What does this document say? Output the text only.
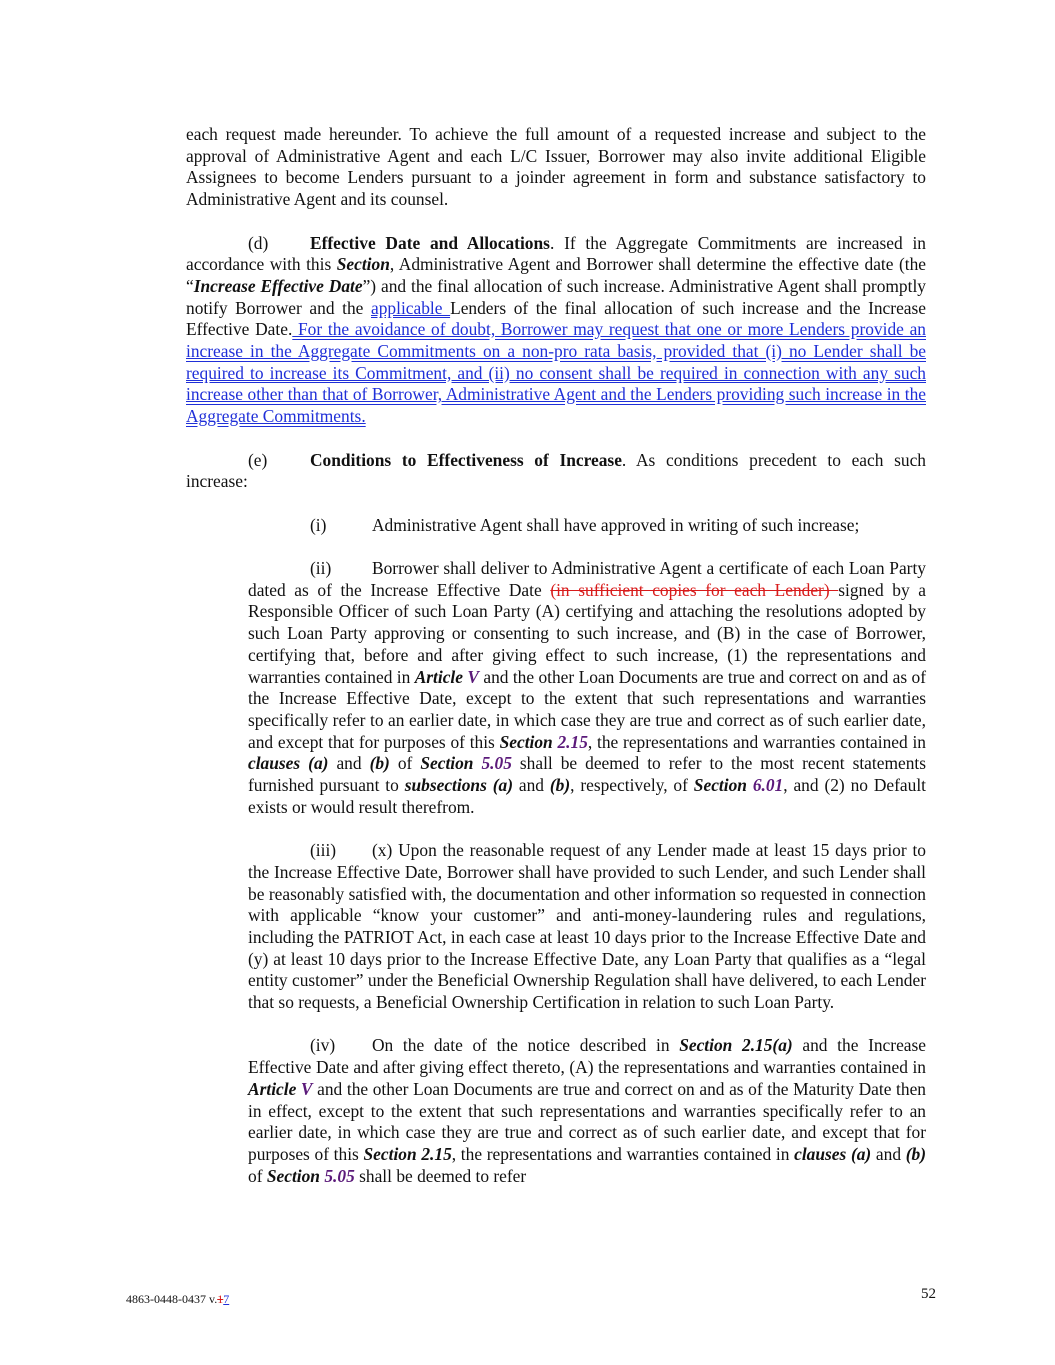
each request made hereunder. To achieve the full amount of a requested increase and subject to the approval of Administrative Agent and each L/C Issuer, Borrower may also invite additional Eligible Assignees to become Lenders pursuant to a joinder agreement in form and substance satisfactory to Administrative Agent and its counsel.

(d) Effective Date and Allocations. If the Aggregate Commitments are increased in accordance with this Section, Administrative Agent and Borrower shall determine the effective date (the “Increase Effective Date”) and the final allocation of such increase. Administrative Agent shall promptly notify Borrower and the applicable Lenders of the final allocation of such increase and the Increase Effective Date. For the avoidance of doubt, Borrower may request that one or more Lenders provide an increase in the Aggregate Commitments on a non-pro rata basis, provided that (i) no Lender shall be required to increase its Commitment, and (ii) no consent shall be required in connection with any such increase other than that of Borrower, Administrative Agent and the Lenders providing such increase in the Aggregate Commitments.

(e) Conditions to Effectiveness of Increase. As conditions precedent to each such increase:

(i)	Administrative Agent shall have approved in writing of such increase;

(ii) Borrower shall deliver to Administrative Agent a certificate of each Loan Party dated as of the Increase Effective Date (in sufficient copies for each Lender) signed by a Responsible Officer of such Loan Party (A) certifying and attaching the resolutions adopted by such Loan Party approving or consenting to such increase, and (B) in the case of Borrower, certifying that, before and after giving effect to such increase, (1) the representations and warranties contained in Article V and the other Loan Documents are true and correct on and as of the Increase Effective Date, except to the extent that such representations and warranties specifically refer to an earlier date, in which case they are true and correct as of such earlier date, and except that for purposes of this Section 2.15, the representations and warranties contained in clauses (a) and (b) of Section 5.05 shall be deemed to refer to the most recent statements furnished pursuant to subsections (a) and (b), respectively, of Section 6.01, and (2) no Default exists or would result therefrom.

(iii) (x) Upon the reasonable request of any Lender made at least 15 days prior to the Increase Effective Date, Borrower shall have provided to such Lender, and such Lender shall be reasonably satisfied with, the documentation and other information so requested in connection with applicable “know your customer” and anti-money-laundering rules and regulations, including the PATRIOT Act, in each case at least 10 days prior to the Increase Effective Date and (y) at least 10 days prior to the Increase Effective Date, any Loan Party that qualifies as a “legal entity customer” under the Beneficial Ownership Regulation shall have delivered, to each Lender that so requests, a Beneficial Ownership Certification in relation to such Loan Party.

(iv) On the date of the notice described in Section 2.15(a) and the Increase Effective Date and after giving effect thereto, (A) the representations and warranties contained in Article V and the other Loan Documents are true and correct on and as of the Maturity Date then in effect, except to the extent that such representations and warranties specifically refer to an earlier date, in which case they are true and correct as of such earlier date, and except that for purposes of this Section 2.15, the representations and warranties contained in clauses (a) and (b) of Section 5.05 shall be deemed to refer

4863-0448-0437 v.17	52
